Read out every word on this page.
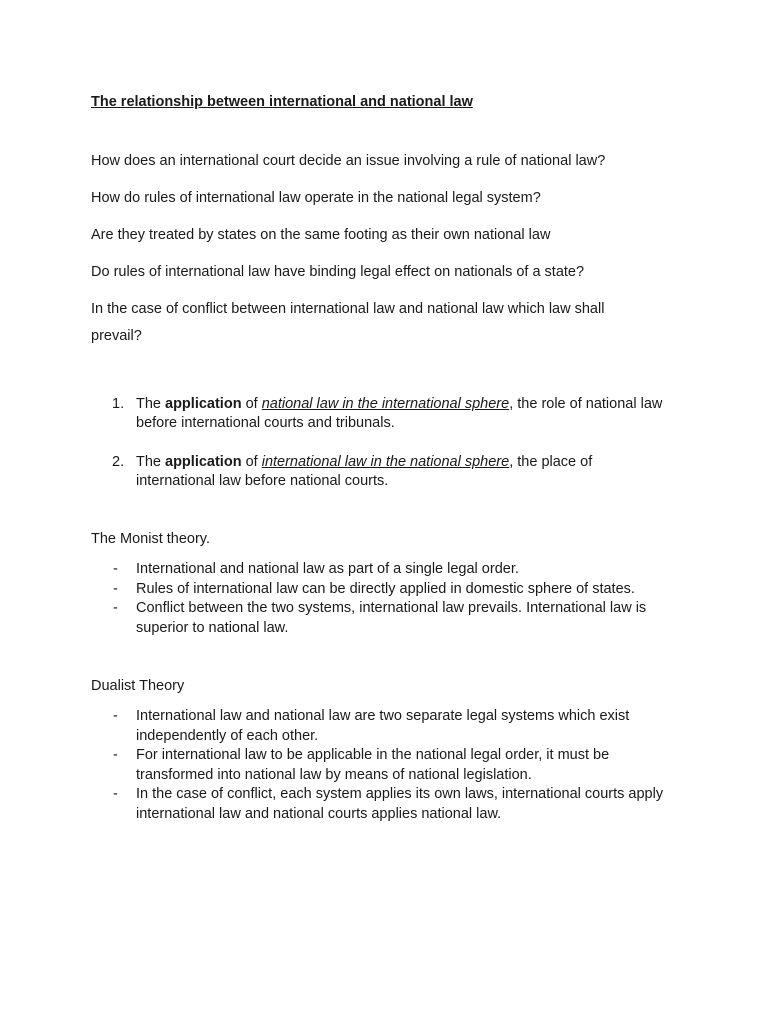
The relationship between international and national law
How does an international court decide an issue involving a rule of national law?
How do rules of international law operate in the national legal system?
Are they treated by states on the same footing as their own national law
Do rules of international law have binding legal effect on nationals of a state?
In the case of conflict between international law and national law which law shall prevail?
1. The application of national law in the international sphere, the role of national law before international courts and tribunals.
2. The application of international law in the national sphere, the place of international law before national courts.
The Monist theory.
- International and national law as part of a single legal order.
- Rules of international law can be directly applied in domestic sphere of states.
- Conflict between the two systems, international law prevails. International law is superior to national law.
Dualist Theory
- International law and national law are two separate legal systems which exist independently of each other.
- For international law to be applicable in the national legal order, it must be transformed into national law by means of national legislation.
- In the case of conflict, each system applies its own laws, international courts apply international law and national courts applies national law.
